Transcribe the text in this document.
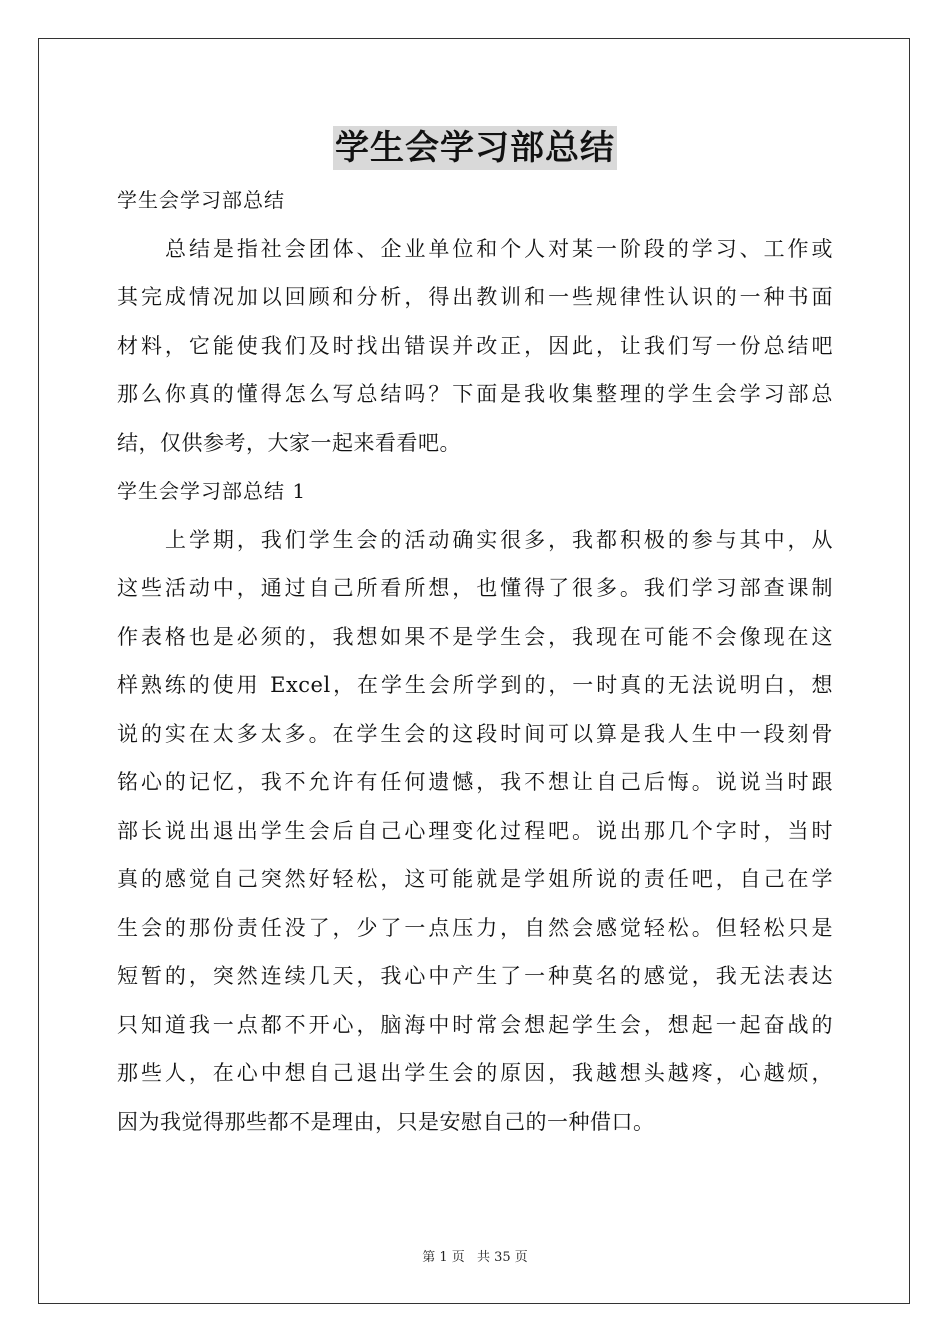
学生会学习部总结
学生会学习部总结
总结是指社会团体、企业单位和个人对某一阶段的学习、工作或
其完成情况加以回顾和分析，得出教训和一些规律性认识的一种书面
材料，它能使我们及时找出错误并改正，因此，让我们写一份总结吧
那么你真的懂得怎么写总结吗？下面是我收集整理的学生会学习部总
结，仅供参考，大家一起来看看吧。
学生会学习部总结 1
上学期，我们学生会的活动确实很多，我都积极的参与其中，从
这些活动中，通过自己所看所想，也懂得了很多。我们学习部查课制
作表格也是必须的，我想如果不是学生会，我现在可能不会像现在这
样熟练的使用 Excel，在学生会所学到的，一时真的无法说明白，想
说的实在太多太多。在学生会的这段时间可以算是我人生中一段刻骨
铭心的记忆，我不允许有任何遗憾，我不想让自己后悔。说说当时跟
部长说出退出学生会后自己心理变化过程吧。说出那几个字时，当时
真的感觉自己突然好轻松，这可能就是学姐所说的责任吧，自己在学
生会的那份责任没了，少了一点压力，自然会感觉轻松。但轻松只是
短暂的，突然连续几天，我心中产生了一种莫名的感觉，我无法表达
只知道我一点都不开心，脑海中时常会想起学生会，想起一起奋战的
那些人，在心中想自己退出学生会的原因，我越想头越疼，心越烦，
因为我觉得那些都不是理由，只是安慰自己的一种借口。
第 1 页 共 35 页
